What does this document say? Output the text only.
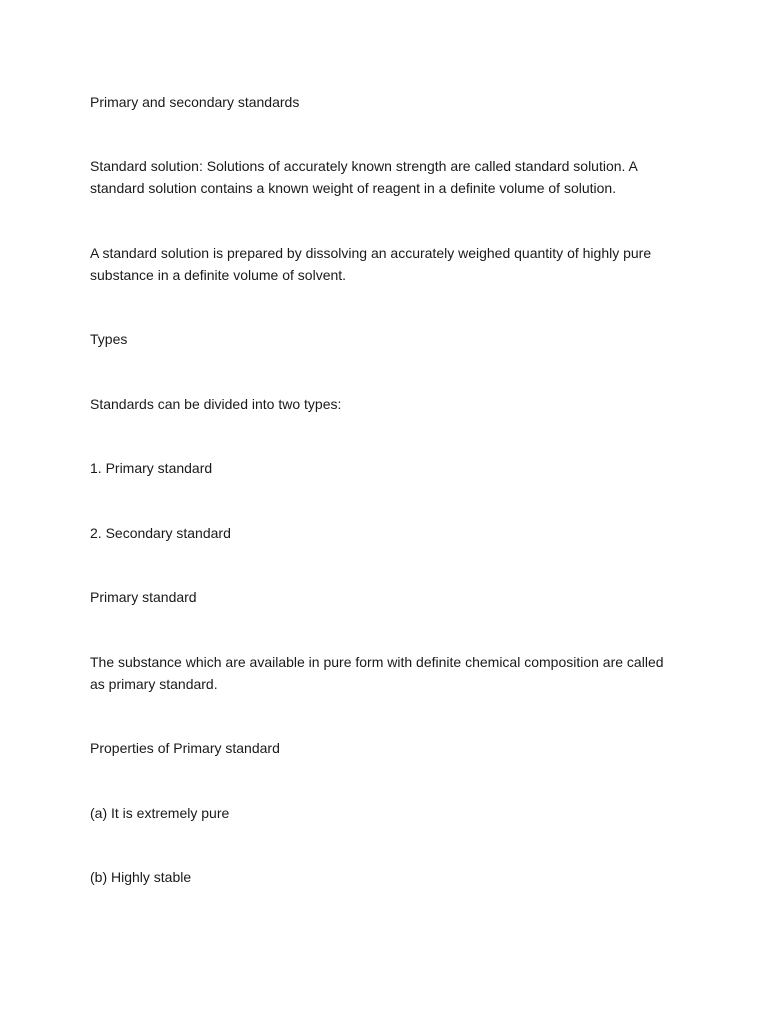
Primary and secondary standards

Standard solution: Solutions of accurately known strength are called standard solution. A standard solution contains a known weight of reagent in a definite volume of solution.

A standard solution is prepared by dissolving an accurately weighed quantity of highly pure substance in a definite volume of solvent.

Types

Standards can be divided into two types:

1. Primary standard

2. Secondary standard

Primary standard

The substance which are available in pure form with definite chemical composition are called as primary standard.

Properties of Primary standard

(a) It is extremely pure

(b) Highly stable
